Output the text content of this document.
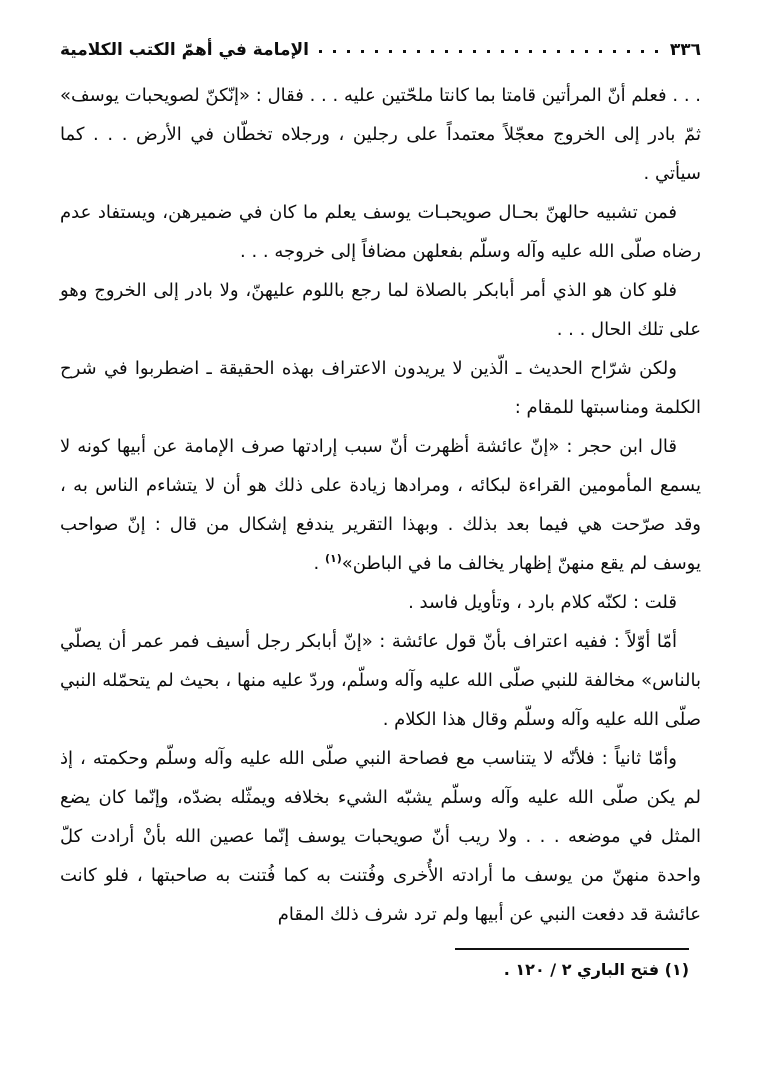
الإمامة في أهمّ الكتب الكلامية	٣٣٦

. . . فعلم أنّ المرأتين قامتا بما كانتا ملحّتين عليه . . . فقال : «إنّكنّ لصويحبات يوسف» ثمّ بادر إلى الخروج معجّلاً معتمداً على رجلين ، ورجلاه تخطّان في الأرض . . . كما سيأتي .

فمن تشبيه حالهنّ بحـال صويحبـات يوسف يعلم ما كان في ضميرهن، ويستفاد عدم رضاه صلّى الله عليه وآله وسلّم بفعلهن مضافاً إلى خروجه . . .

فلو كان هو الذي أمر أبابكر بالصلاة لما رجع باللوم عليهنّ، ولا بادر إلى الخروج وهو على تلك الحال . . .

ولكن شرّاح الحديث ـ الّذين لا يريدون الاعتراف بهذه الحقيقة ـ اضطربوا في شرح الكلمة ومناسبتها للمقام :

قال ابن حجر : «إنّ عائشة أظهرت أنّ سبب إرادتها صرف الإمامة عن أبيها كونه لا يسمع المأمومين القراءة لبكائه ، ومرادها زيادة على ذلك هو أن لا يتشاءم الناس به ، وقد صرّحت هي فيما بعد بذلك . وبهذا التقرير يندفع إشكال من قال : إنّ صواحب يوسف لم يقع منهنّ إظهار يخالف ما في الباطن»$^{(١)}$ .

قلت : لكنّه كلام بارد ، وتأويل فاسد .

أمّا أوّلاً : ففيه اعتراف بأنّ قول عائشة : «إنّ أبابكر رجل أسيف فمر عمر أن يصلّي بالناس» مخالفة للنبي صلّى الله عليه وآله وسلّم، وردّ عليه منها ، بحيث لم يتحمّله النبي صلّى الله عليه وآله وسلّم وقال هذا الكلام .

وأمّا ثانياً : فلأنّه لا يتناسب مع فصاحة النبي صلّى الله عليه وآله وسلّم وحكمته ، إذ لم يكن صلّى الله عليه وآله وسلّم يشبّه الشيء بخلافه ويمثّله بضدّه، وإنّما كان يضع المثل في موضعه . . . ولا ريب أنّ صويحبات يوسف إنّما عصين الله بأنْ أرادت كلّ واحدة منهنّ من يوسف ما أرادته الأُخرى وفُتنت به كما فُتنت به صاحبتها ، فلو كانت عائشة قد دفعت النبي عن أبيها ولم ترد شرف ذلك المقام

(١) فتح الباري ٢ / ١٢٠ .
